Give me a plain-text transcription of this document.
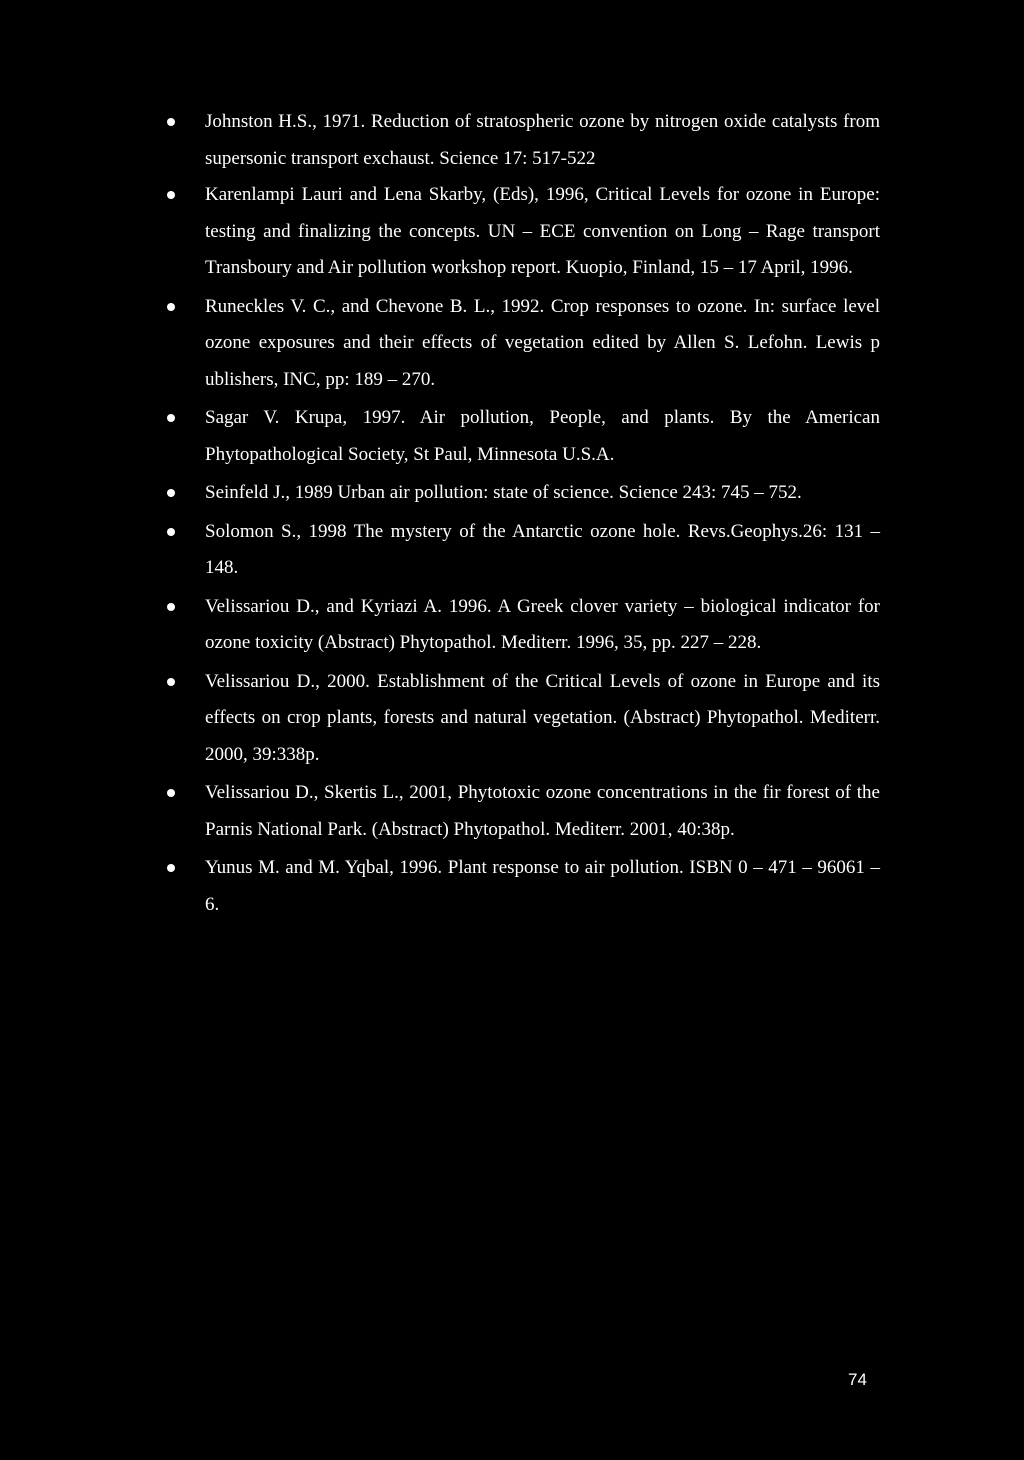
Johnston H.S., 1971. Reduction of stratospheric ozone by nitrogen oxide catalysts from supersonic transport exchaust. Science 17: 517-522
Karenlampi Lauri and Lena Skarby, (Eds), 1996, Critical Levels for ozone in Europe: testing and finalizing the concepts. UN – ECE convention on Long – Rage transport Transboury and Air pollution workshop report. Kuopio, Finland, 15 – 17 April, 1996.
Runeckles V. C., and Chevone B. L., 1992. Crop responses to ozone. In: surface level ozone exposures and their effects of vegetation edited by Allen S. Lefohn. Lewis p ublishers, INC, pp: 189 – 270.
Sagar V. Krupa, 1997. Air pollution, People, and plants. By the American Phytopathological Society, St Paul, Minnesota U.S.A.
Seinfeld J., 1989 Urban air pollution: state of science. Science 243: 745 – 752.
Solomon S., 1998 The mystery of the Antarctic ozone hole. Revs.Geophys.26: 131 – 148.
Velissariou D., and Kyriazi A. 1996. A Greek clover variety – biological indicator for ozone toxicity (Abstract) Phytopathol. Mediterr. 1996, 35, pp. 227 – 228.
Velissariou D., 2000. Establishment of the Critical Levels of ozone in Europe and its effects on crop plants, forests and natural vegetation. (Abstract) Phytopathol. Mediterr. 2000, 39:338p.
Velissariou D., Skertis L., 2001, Phytotoxic ozone concentrations in the fir forest of the Parnis National Park. (Abstract) Phytopathol. Mediterr. 2001, 40:38p.
Yunus M. and M. Yqbal, 1996. Plant response to air pollution. ISBN 0 – 471 – 96061 – 6.
74
